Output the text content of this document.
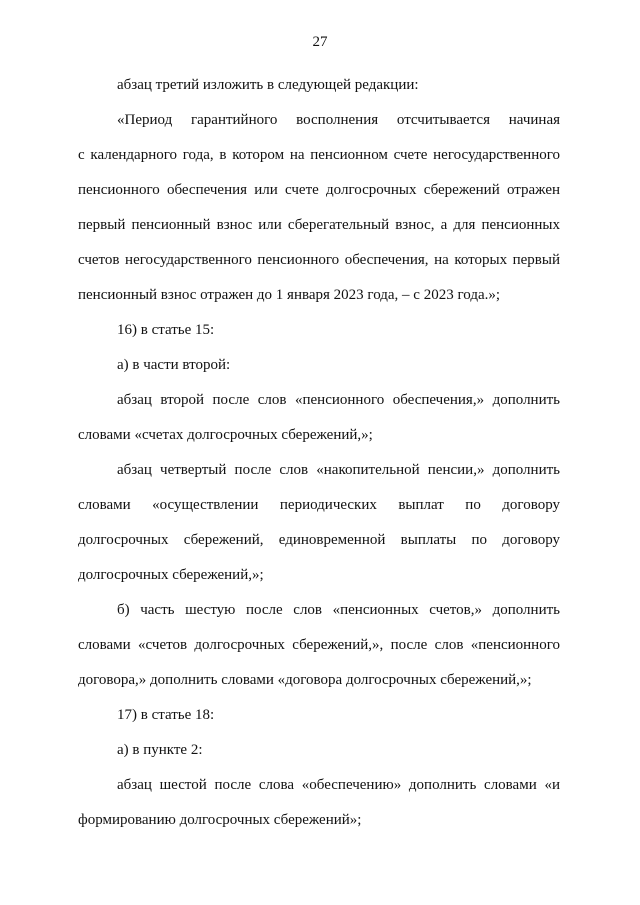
27
абзац третий изложить в следующей редакции:
«Период гарантийного восполнения отсчитывается начиная
с календарного года, в котором на пенсионном счете негосударственного
пенсионного обеспечения или счете долгосрочных сбережений отражен
первый пенсионный взнос или сберегательный взнос, а для пенсионных
счетов негосударственного пенсионного обеспечения, на которых первый
пенсионный взнос отражен до 1 января 2023 года, – с 2023 года.»;
16) в статье 15:
а) в части второй:
абзац второй после слов «пенсионного обеспечения,» дополнить
словами «счетах долгосрочных сбережений,»;
абзац четвертый после слов «накопительной пенсии,» дополнить
словами «осуществлении периодических выплат по договору
долгосрочных сбережений, единовременной выплаты по договору
долгосрочных сбережений,»;
б) часть шестую после слов «пенсионных счетов,» дополнить
словами «счетов долгосрочных сбережений,», после слов «пенсионного
договора,» дополнить словами «договора долгосрочных сбережений,»;
17) в статье 18:
а) в пункте 2:
абзац шестой после слова «обеспечению» дополнить словами «и
формированию долгосрочных сбережений»;
